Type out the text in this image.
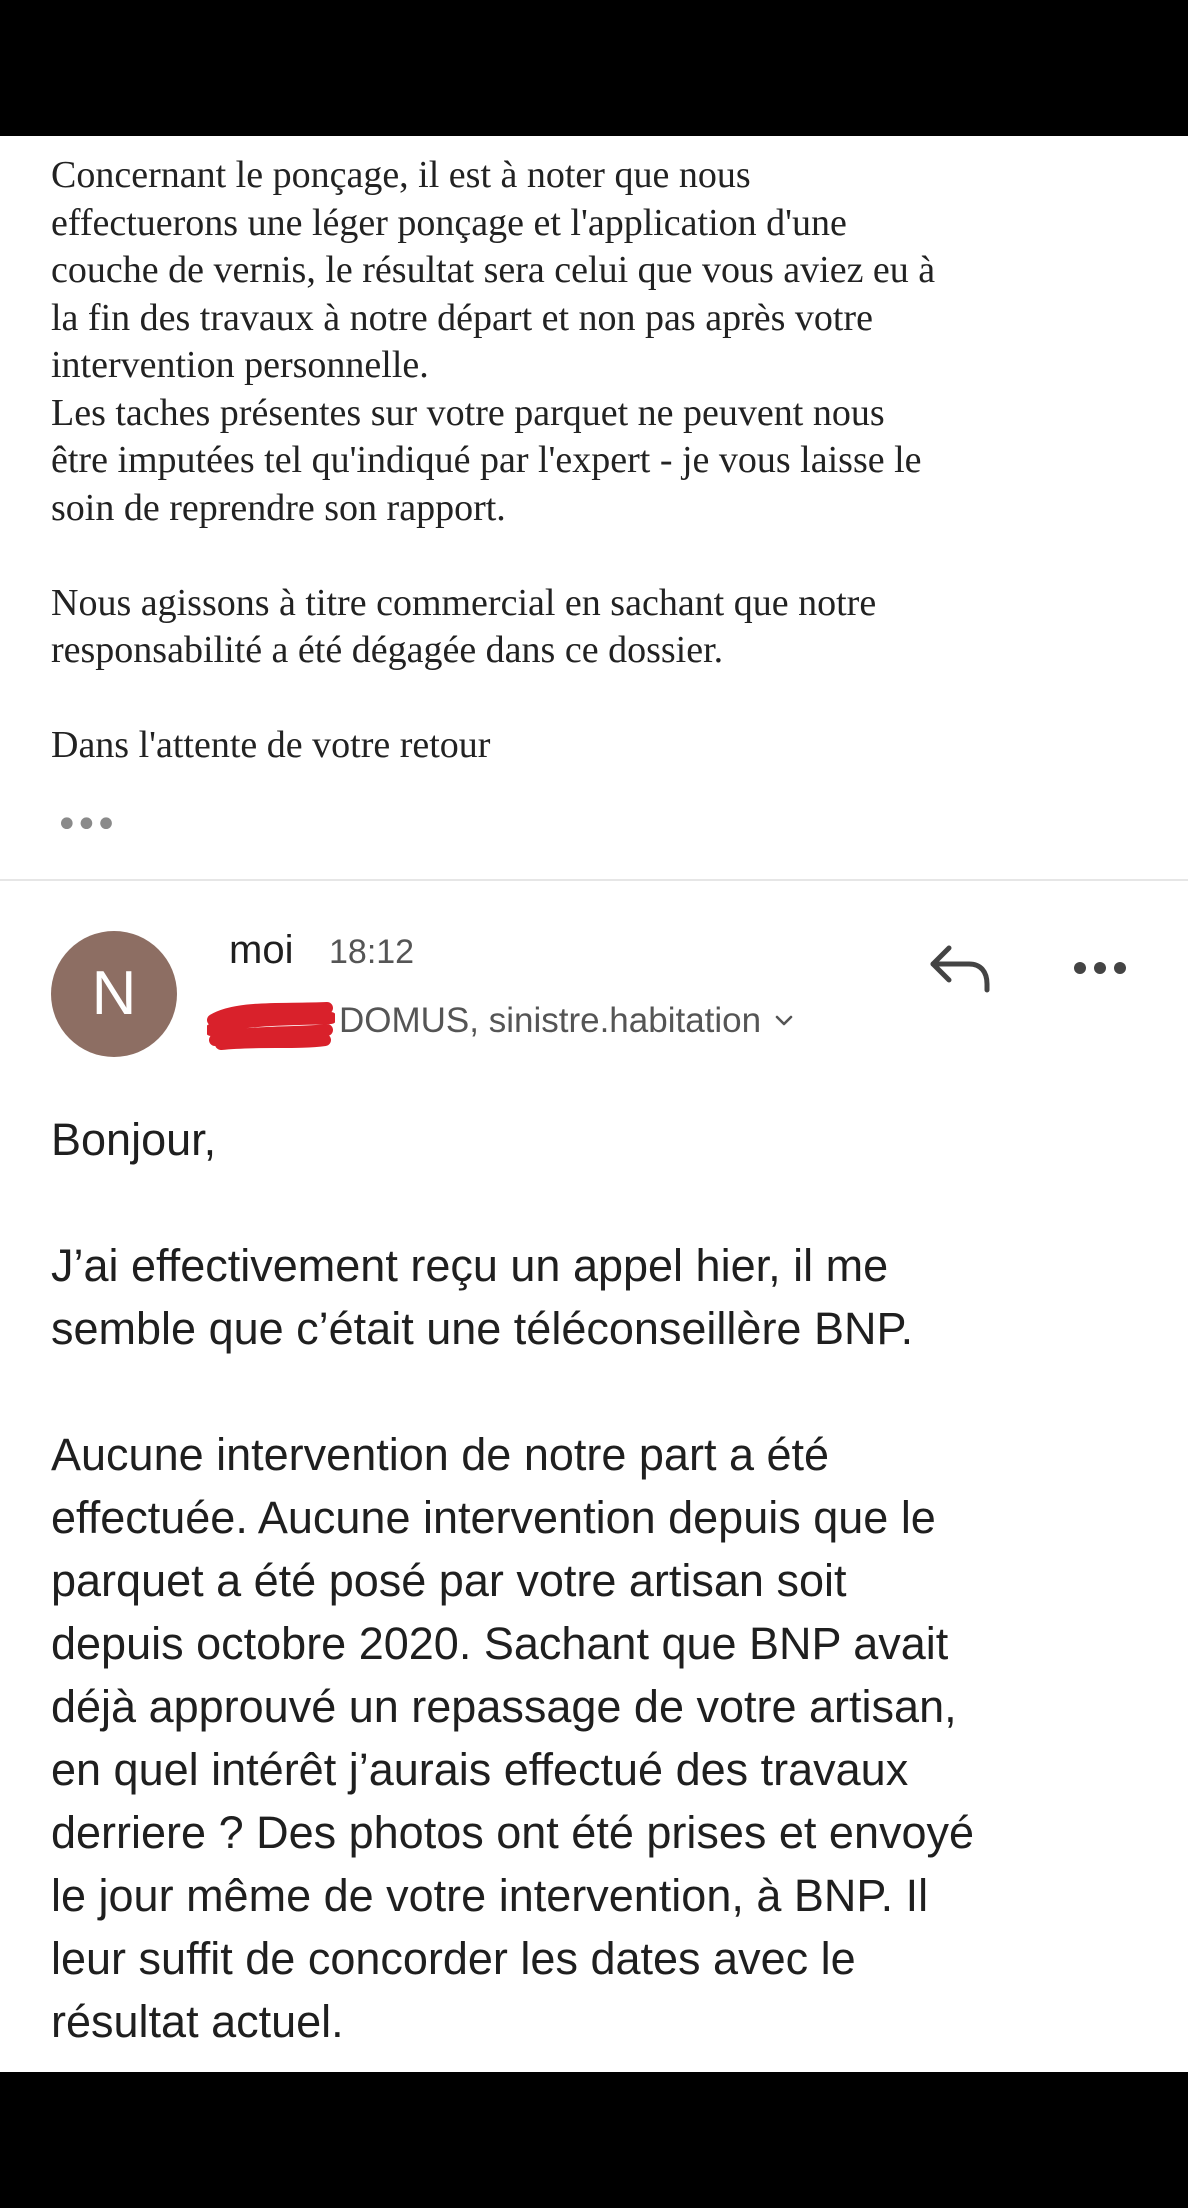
Concernant le ponçage, il est à noter que nous
effectuerons une léger ponçage et l'application d'une
couche de vernis, le résultat sera celui que vous aviez eu à
la fin des travaux à notre départ et non pas après votre
intervention personnelle.
Les taches présentes sur votre parquet ne peuvent nous
être imputées tel qu'indiqué par l'expert - je vous laisse le
soin de reprendre son rapport.

Nous agissons à titre commercial en sachant que notre
responsabilité a été dégagée dans ce dossier.

Dans l'attente de votre retour

•••
N
moi 18:12
DOMUS, sinistre.habitation

Bonjour,

J’ai effectivement reçu un appel hier, il me
semble que c’était une téléconseillère BNP.

Aucune intervention de notre part a été
effectuée. Aucune intervention depuis que le
parquet a été posé par votre artisan soit
depuis octobre 2020. Sachant que BNP avait
déjà approuvé un repassage de votre artisan,
en quel intérêt j’aurais effectué des travaux
derriere ? Des photos ont été prises et envoyé
le jour même de votre intervention, à BNP. Il
leur suffit de concorder les dates avec le
résultat actuel.
